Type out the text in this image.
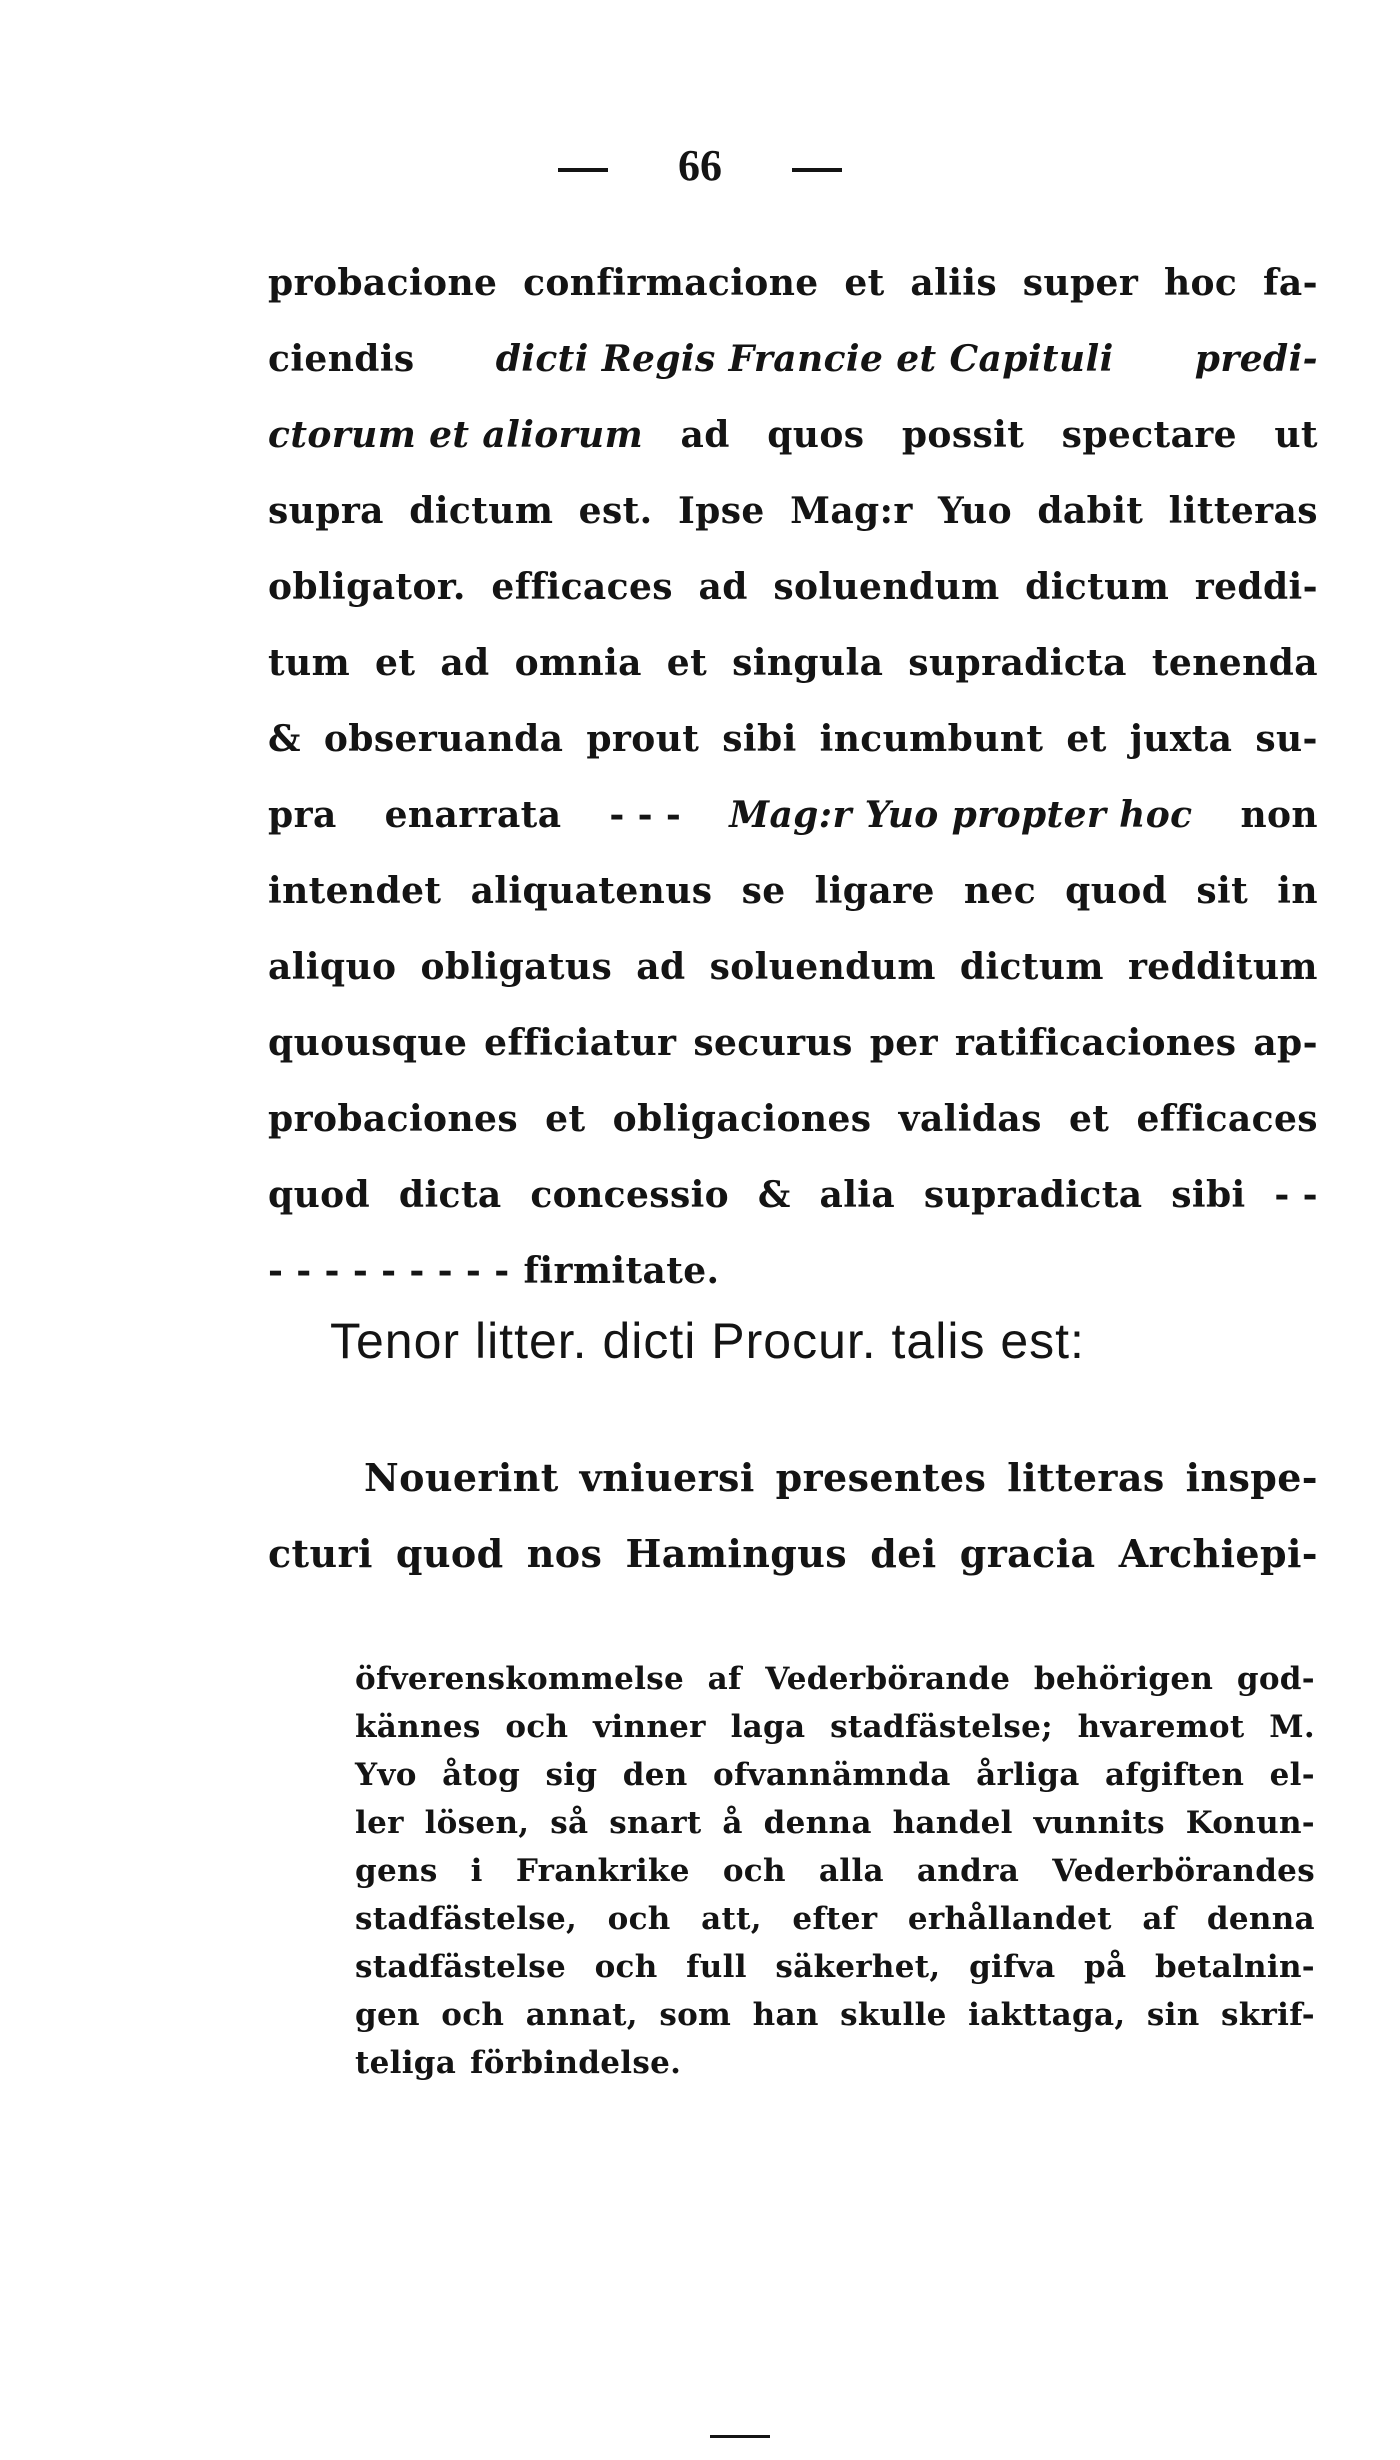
66
probacione confirmacione et aliis super hoc fa-
ciendis dicti Regis Francie et Capituli predi-
ctorum et aliorum ad quos possit spectare ut
supra dictum est. Ipse Mag:r Yuo dabit litteras
obligator. efficaces ad soluendum dictum reddi-
tum et ad omnia et singula supradicta tenenda
& obseruanda prout sibi incumbunt et juxta su-
pra enarrata - - - Mag:r Yuo propter hoc non
intendet aliquatenus se ligare nec quod sit in
aliquo obligatus ad soluendum dictum redditum
quousque efficiatur securus per ratificaciones ap-
probaciones et obligaciones validas et efficaces
quod dicta concessio & alia supradicta sibi - -
- - - - - - - - - firmitate.
Tenor litter. dicti Procur. talis est:
Nouerint vniuersi presentes litteras inspe-
cturi quod nos Hamingus dei gracia Archiepi-
öfverenskommelse af Vederbörande behörigen god-
kännes och vinner laga stadfästelse; hvaremot M.
Yvo åtog sig den ofvannämnda årliga afgiften el-
ler lösen, så snart å denna handel vunnits Konun-
gens i Frankrike och alla andra Vederbörandes
stadfästelse, och att, efter erhållandet af denna
stadfästelse och full säkerhet, gifva på betalnin-
gen och annat, som han skulle iakttaga, sin skrif-
teliga förbindelse.
